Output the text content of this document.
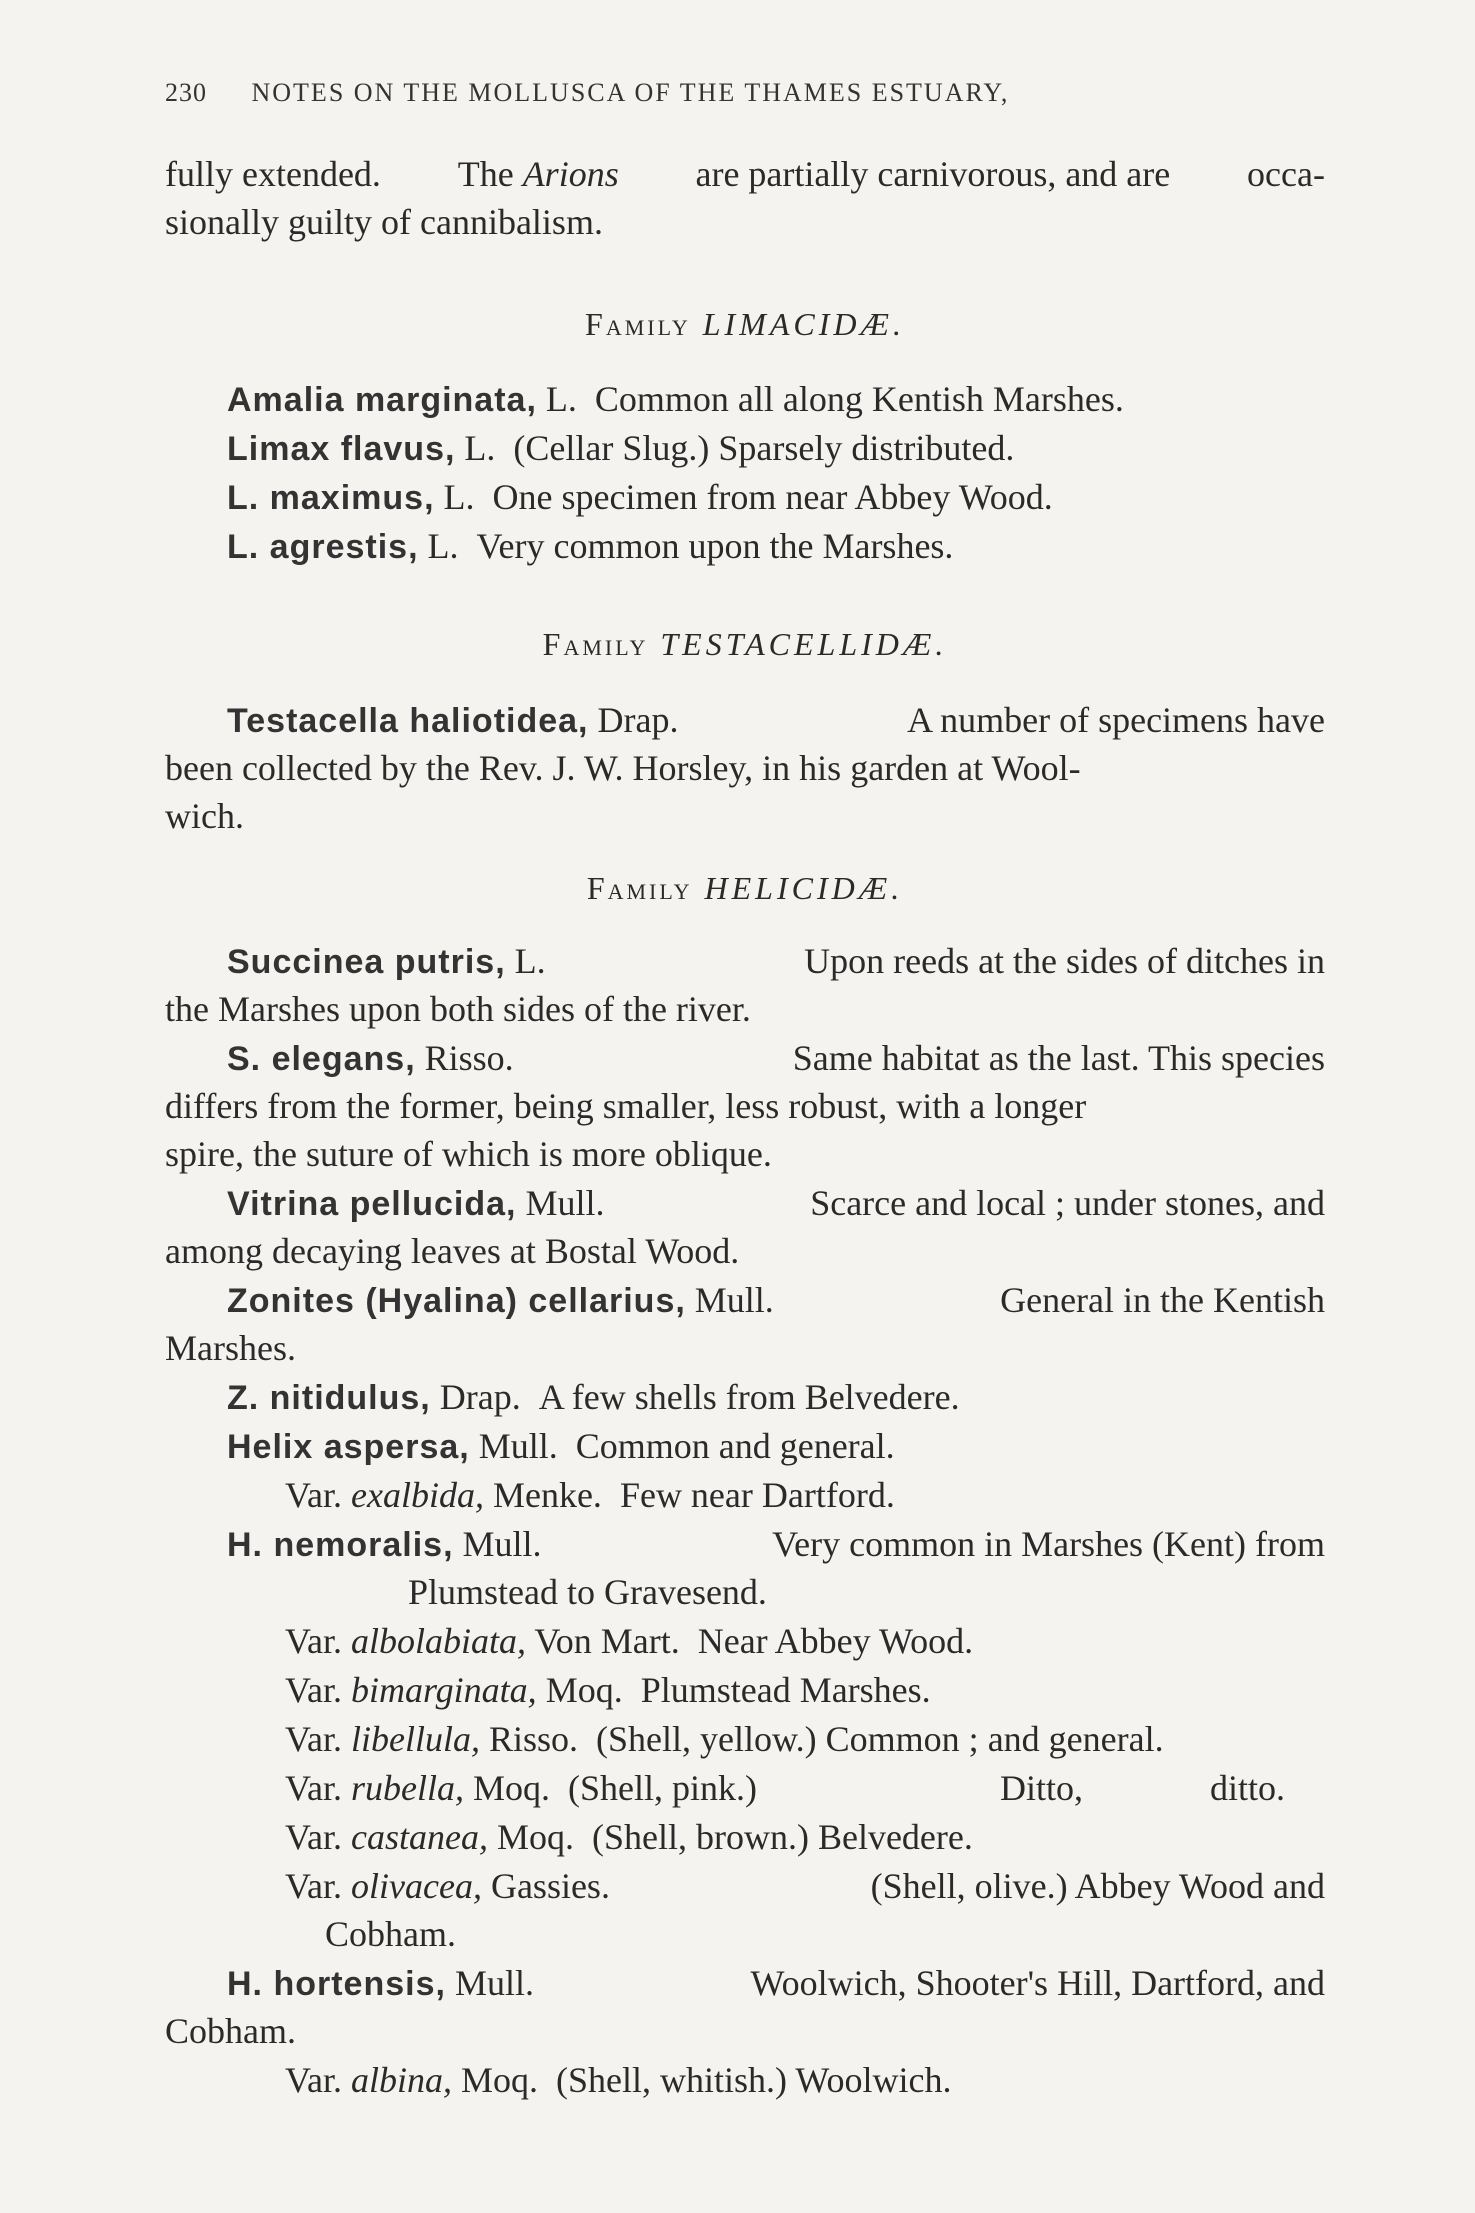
230 NOTES ON THE MOLLUSCA OF THE THAMES ESTUARY,
fully extended. The Arions are partially carnivorous, and are occa-
sionally guilty of cannibalism.
Family LIMACIDÆ.
Amalia marginata, L. Common all along Kentish Marshes.
Limax flavus, L. (Cellar Slug.) Sparsely distributed.
L. maximus, L. One specimen from near Abbey Wood.
L. agrestis, L. Very common upon the Marshes.
Family TESTACELLIDÆ.
Testacella haliotidea, Drap.	A number of specimens have
been collected by the Rev. J. W. Horsley, in his garden at Wool-
wich.
Family HELICIDÆ.
Succinea putris, L.	Upon reeds at the sides of ditches in
the Marshes upon both sides of the river.
S. elegans, Risso.	Same habitat as the last. This species
differs from the former, being smaller, less robust, with a longer
spire, the suture of which is more oblique.
Vitrina pellucida, Mull.	Scarce and local ; under stones, and
among decaying leaves at Bostal Wood.
Zonites (Hyalina) cellarius, Mull.	General in the Kentish
Marshes.
Z. nitidulus, Drap. A few shells from Belvedere.
Helix aspersa, Mull. Common and general.
Var. exalbida, Menke. Few near Dartford.
H. nemoralis, Mull.	Very common in Marshes (Kent) from
Plumstead to Gravesend.
Var. albolabiata, Von Mart. Near Abbey Wood.
Var. bimarginata, Moq. Plumstead Marshes.
Var. libellula, Risso. (Shell, yellow.) Common ; and general.
Var. rubella, Moq. (Shell, pink.)	Ditto,	ditto.
Var. castanea, Moq. (Shell, brown.) Belvedere.
Var. olivacea, Gassies.	(Shell, olive.) Abbey Wood and
Cobham.
H. hortensis, Mull.	Woolwich, Shooter's Hill, Dartford, and
Cobham.
Var. albina, Moq. (Shell, whitish.) Woolwich.
